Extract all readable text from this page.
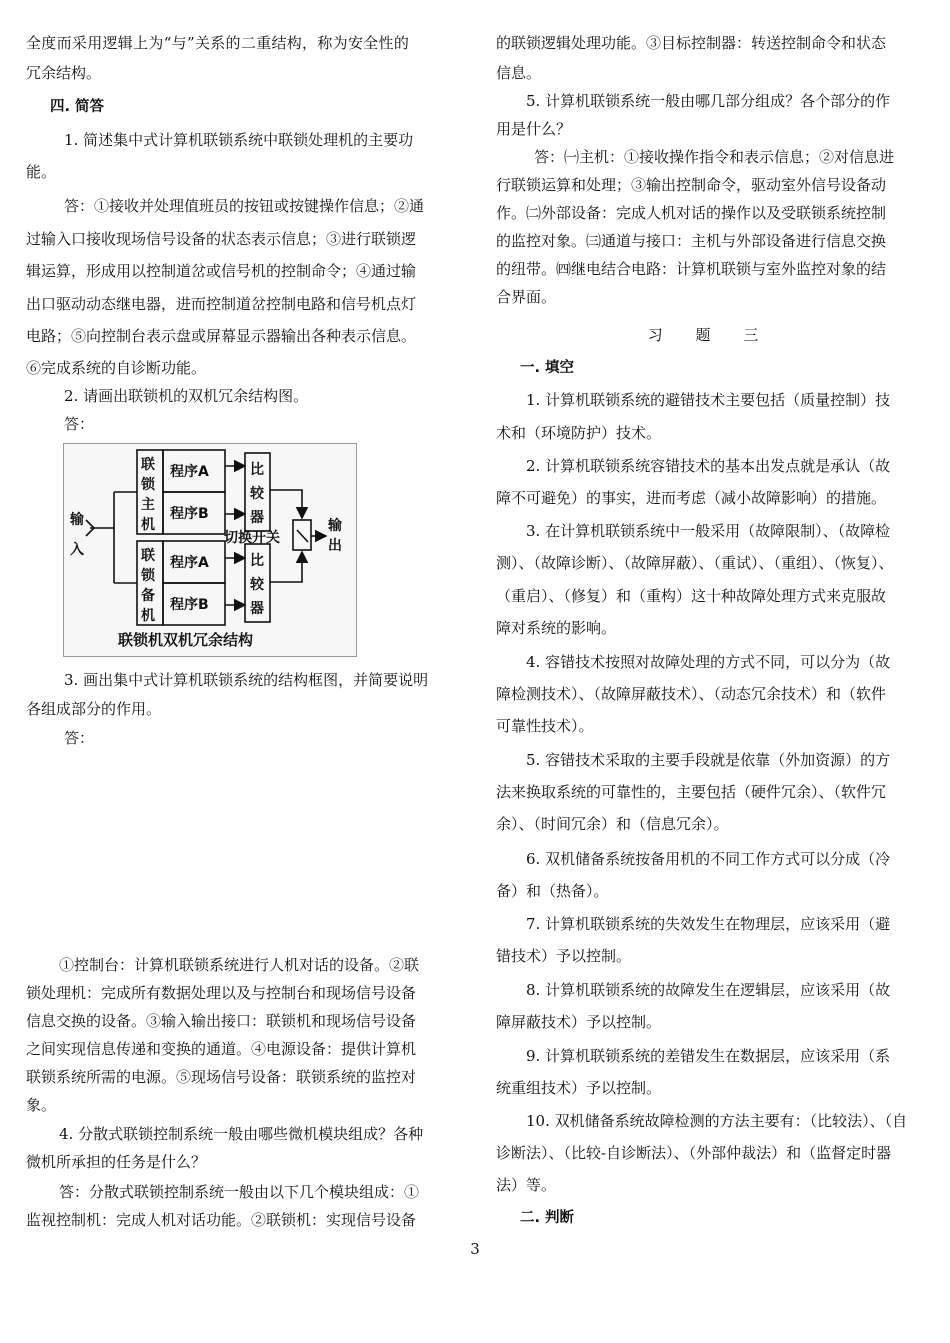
全度而采用逻辑上为“与”关系的二重结构，称为安全性的
冗余结构。
四. 简答
1. 简述集中式计算机联锁系统中联锁处理机的主要功
能。
答：①接收并处理值班员的按钮或按键操作信息；②通
过输入口接收现场信号设备的状态表示信息；③进行联锁逻
辑运算，形成用以控制道岔或信号机的控制命令；④通过输
出口驱动动态继电器，进而控制道岔控制电路和信号机点灯
电路；⑤向控制台表示盘或屏幕显示器输出各种表示信息。
⑥完成系统的自诊断功能。
2. 请画出联锁机的双机冗余结构图。
答：
3. 画出集中式计算机联锁系统的结构框图，并简要说明
各组成部分的作用。
答：
①控制台：计算机联锁系统进行人机对话的设备。②联
锁处理机：完成所有数据处理以及与控制台和现场信号设备
信息交换的设备。③输入输出接口：联锁机和现场信号设备
之间实现信息传递和变换的通道。④电源设备：提供计算机
联锁系统所需的电源。⑤现场信号设备：联锁系统的监控对
象。
4. 分散式联锁控制系统一般由哪些微机模块组成？各种
微机所承担的任务是什么？
答：分散式联锁控制系统一般由以下几个模块组成：①
监视控制机：完成人机对话功能。②联锁机：实现信号设备
联
锁
主
机
程序A
程序B
比
较
器
联
锁
备
机
程序A
程序B
比
较
器
输
入
输
出
切换开关
联锁机双机冗余结构
的联锁逻辑处理功能。③目标控制器：转送控制命令和状态
信息。
5. 计算机联锁系统一般由哪几部分组成？各个部分的作
用是什么？
答：㈠主机：①接收操作指令和表示信息；②对信息进
行联锁运算和处理；③输出控制命令，驱动室外信号设备动
作。㈡外部设备：完成人机对话的操作以及受联锁系统控制
的监控对象。㈢通道与接口：主机与外部设备进行信息交换
的纽带。㈣继电结合电路：计算机联锁与室外监控对象的结
合界面。
习 题 三
一. 填空
1. 计算机联锁系统的避错技术主要包括（质量控制）技
术和（环境防护）技术。
2. 计算机联锁系统容错技术的基本出发点就是承认（故
障不可避免）的事实，进而考虑（减小故障影响）的措施。
3. 在计算机联锁系统中一般采用（故障限制）、（故障检
测）、（故障诊断）、（故障屏蔽）、（重试）、（重组）、（恢复）、
（重启）、（修复）和（重构）这十种故障处理方式来克服故
障对系统的影响。
4. 容错技术按照对故障处理的方式不同，可以分为（故
障检测技术）、（故障屏蔽技术）、（动态冗余技术）和（软件
可靠性技术）。
5. 容错技术采取的主要手段就是依靠（外加资源）的方
法来换取系统的可靠性的，主要包括（硬件冗余）、（软件冗
余）、（时间冗余）和（信息冗余）。
6. 双机储备系统按备用机的不同工作方式可以分成（冷
备）和（热备）。
7. 计算机联锁系统的失效发生在物理层，应该采用（避
错技术）予以控制。
8. 计算机联锁系统的故障发生在逻辑层，应该采用（故
障屏蔽技术）予以控制。
9. 计算机联锁系统的差错发生在数据层，应该采用（系
统重组技术）予以控制。
10. 双机储备系统故障检测的方法主要有：（比较法）、（自
诊断法）、（比较-自诊断法）、（外部仲裁法）和（监督定时器
法）等。
二. 判断
3
